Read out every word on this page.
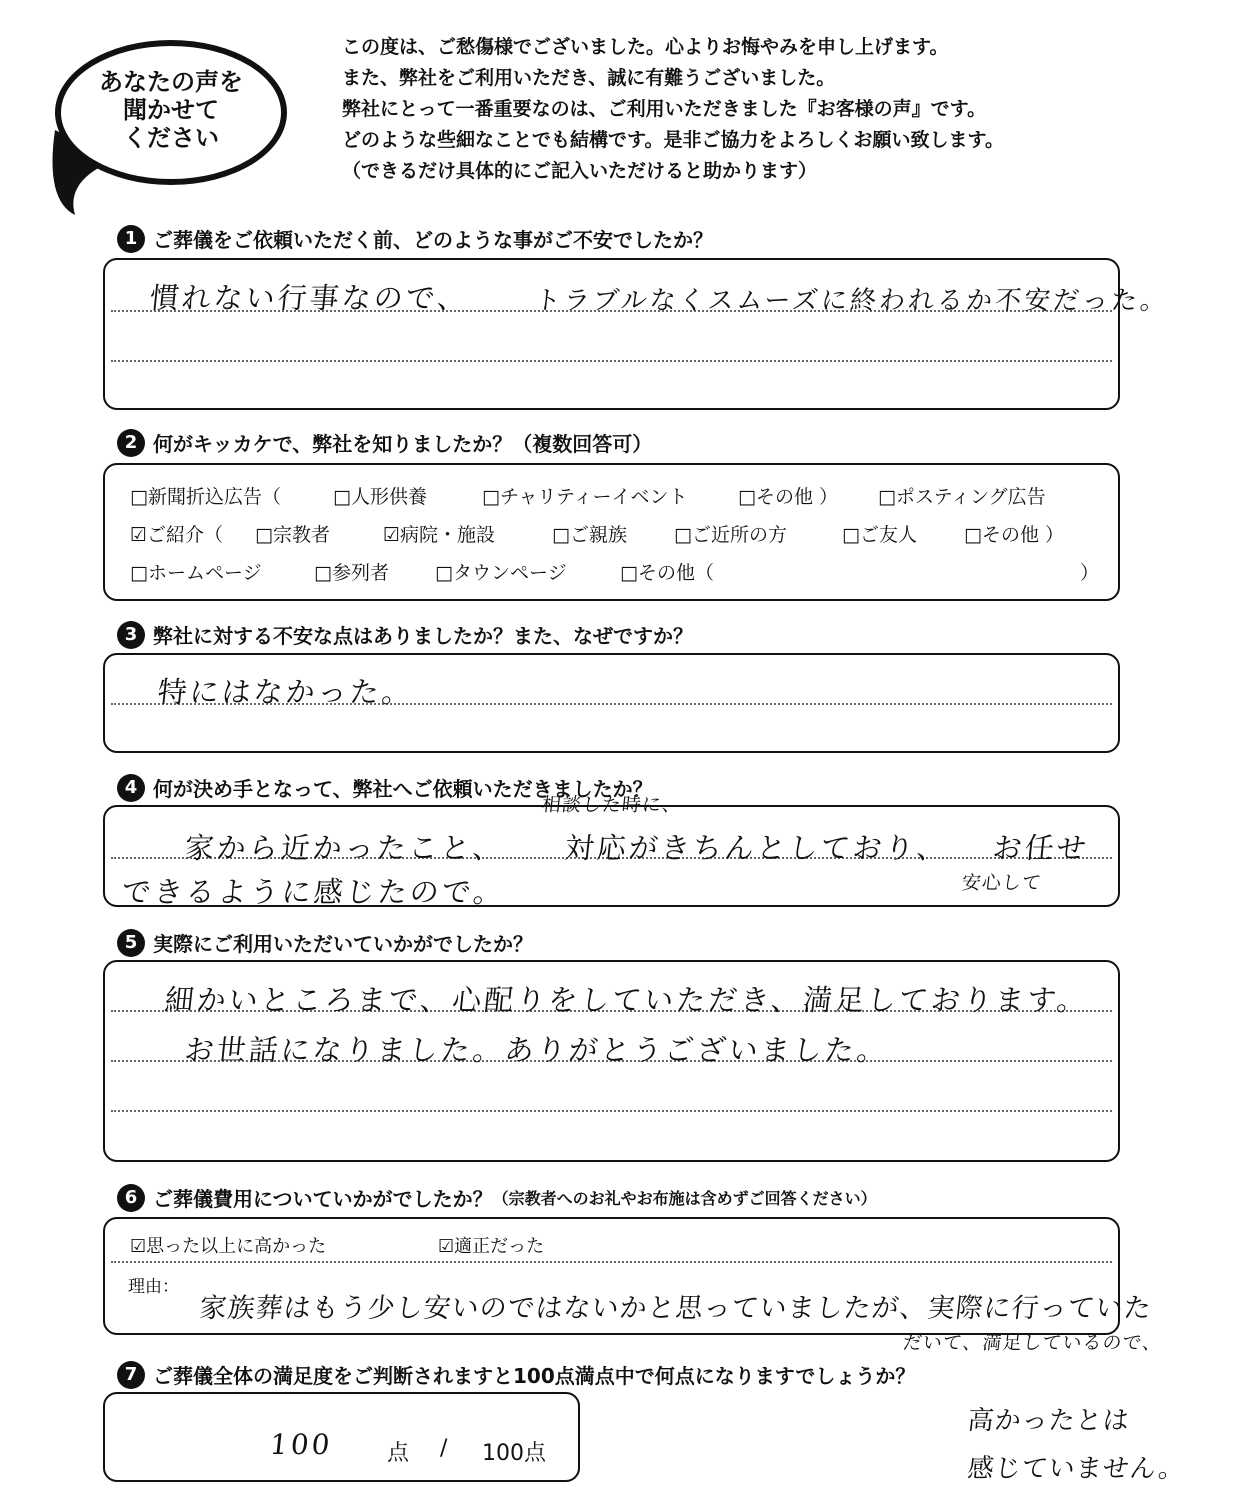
あなたの声を
聞かせて
ください
この度は、ご愁傷様でございました。心よりお悔やみを申し上げます。
また、弊社をご利用いただき、誠に有難うございました。
弊社にとって一番重要なのは、ご利用いただきました『お客様の声』です。
どのような些細なことでも結構です。是非ご協力をよろしくお願い致します。
（できるだけ具体的にご記入いただけると助かります）
1 ご葬儀をご依頼いただく前、どのような事がご不安でしたか？
慣れない行事なので、 トラブルなくスムーズに終われるか不安だった。
2 何がキッカケで、弊社を知りましたか？（複数回答可）
□新聞折込広告（	□人形供養	□チャリティーイベント	□その他 ） □ポスティング広告
☑ご紹介（ □宗教者	☑病院・施設	□ご親族 □ご近所の方	□ご友人 □その他 ）
□ホームページ	□参列者 □タウンページ	□その他（	）
3 弊社に対する不安な点はありましたか？また、なぜですか？
特にはなかった。
4 何が決め手となって、弊社へご依頼いただきましたか？
相談した時に、
家から近かったこと、 対応がきちんとしており、 お任せ
安心して
できるように感じたので。
5 実際にご利用いただいていかがでしたか？
細かいところまで、心配りをしていただき、満足しております。
お世話になりました。ありがとうございました。
6 ご葬儀費用についていかがでしたか？ （宗教者へのお礼やお布施は含めずご回答ください）
☑思った以上に高かった	☑適正だった
理由：
家族葬はもう少し安いのではないかと思っていましたが、実際に行っていた
だいて、満足しているので、
高かったとは
感じていません。
7 ご葬儀全体の満足度をご判断されますと100点満点中で何点になりますでしょうか？
100 点 / 100点
